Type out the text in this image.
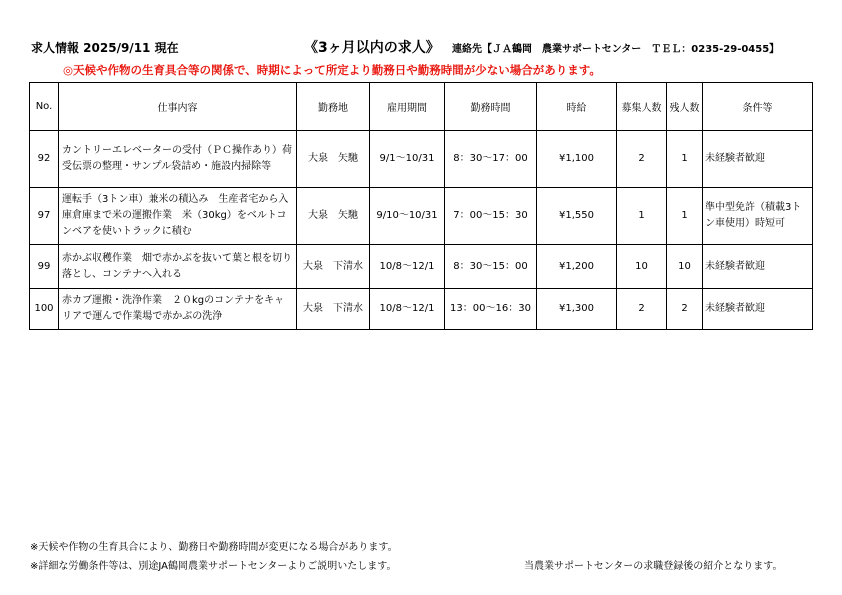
求人情報 2025/9/11 現在	《3ヶ月以内の求人》 連絡先【ＪＡ鶴岡　農業サポートセンター　ＴＥＬ：0235-29-0455】
◎天候や作物の生育具合等の関係で、時期によって所定より勤務日や勤務時間が少ない場合があります。
No.	仕事内容	勤務地	雇用期間	勤務時間	時給	募集人数	残人数	条件等
92	カントリーエレベーターの受付（ＰＣ操作あり）荷受伝票の整理・サンプル袋詰め・施設内掃除等	大泉　矢馳	9/1～10/31	8：30～17：00	¥1,100	2	1	未経験者歓迎
97	運転手（3トン車）兼米の積込み　生産者宅から入庫倉庫まで米の運搬作業　米（30kg）をベルトコンベアを使いトラックに積む	大泉　矢馳	9/10～10/31	7：00～15：30	¥1,550	1	1	準中型免許（積載3トン車使用）時短可
99	赤かぶ収穫作業　畑で赤かぶを抜いて葉と根を切り落とし、コンテナへ入れる	大泉　下清水	10/8～12/1	8：30～15：00	¥1,200	10	10	未経験者歓迎
100	赤カブ運搬・洗浄作業　２０kgのコンテナをキャリアで運んで作業場で赤かぶの洗浄	大泉　下清水	10/8～12/1	13：00～16：30	¥1,300	2	2	未経験者歓迎
※天候や作物の生育具合により、勤務日や勤務時間が変更になる場合があります。
※詳細な労働条件等は、別途JA鶴岡農業サポートセンターよりご説明いたします。	当農業サポートセンターの求職登録後の紹介となります。
